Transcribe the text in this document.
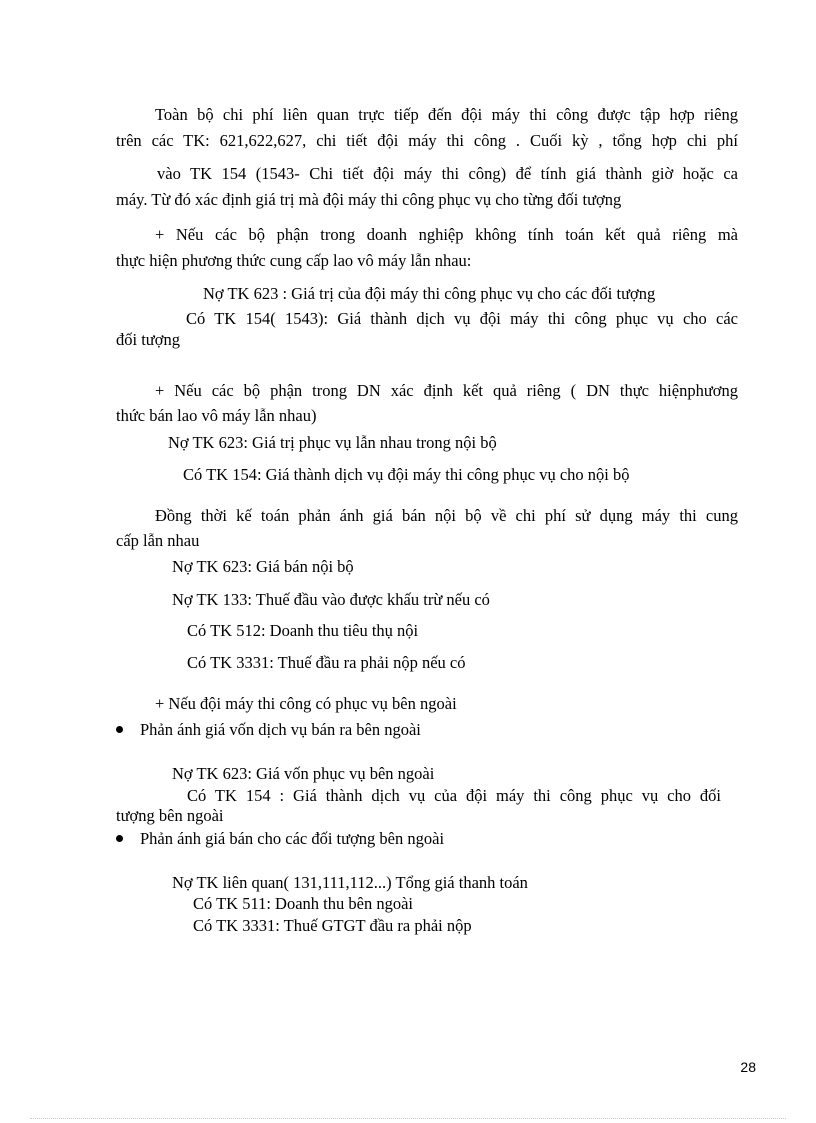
Toàn bộ chi phí liên quan trực tiếp đến đội máy thi công được tập hợp riêng
trên các TK: 621,622,627, chi tiết đội máy thi công . Cuối kỳ , tổng hợp chi phí
vào TK 154 (1543- Chi tiết đội máy thi công) để tính giá thành giờ hoặc ca
máy. Từ đó xác định giá trị mà đội máy thi công phục vụ cho từng đối tượng
+ Nếu các bộ phận trong doanh nghiệp không tính toán kết quả riêng mà
thực hiện phương thức cung cấp lao vô máy lẫn nhau:
Nợ TK 623 : Giá trị của đội máy thi công phục vụ cho các đối tượng
Có TK 154( 1543): Giá thành dịch vụ đội máy thi công phục vụ cho các
đối tượng
+ Nếu các bộ phận trong DN xác định kết quả riêng ( DN thực hiệnphương
thức bán lao vô máy lẫn nhau)
Nợ TK 623: Giá trị phục vụ lẫn nhau trong nội bộ
Có TK 154: Giá thành dịch vụ đội máy thi công phục vụ cho nội bộ
Đồng thời kế toán phản ánh giá bán nội bộ về chi phí sử dụng máy thi cung
cấp lẫn nhau
Nợ TK 623: Giá bán nội bộ
Nợ TK 133: Thuế đầu vào được khấu trừ nếu có
Có TK 512: Doanh thu tiêu thụ nội
Có TK 3331: Thuế đầu ra phải nộp nếu có
+ Nếu đội máy thi công có phục vụ bên ngoài
Phản ánh giá vốn dịch vụ bán ra bên ngoài
Nợ TK 623: Giá vốn phục vụ bên ngoài
Có TK 154 : Giá thành dịch vụ của đội máy thi công phục vụ cho đối
tượng bên ngoài
Phản ánh giá bán cho các đối tượng bên ngoài
Nợ TK liên quan( 131,111,112...) Tổng giá thanh toán
Có TK 511: Doanh thu bên ngoài
Có TK 3331: Thuế GTGT đầu ra phải nộp
28
